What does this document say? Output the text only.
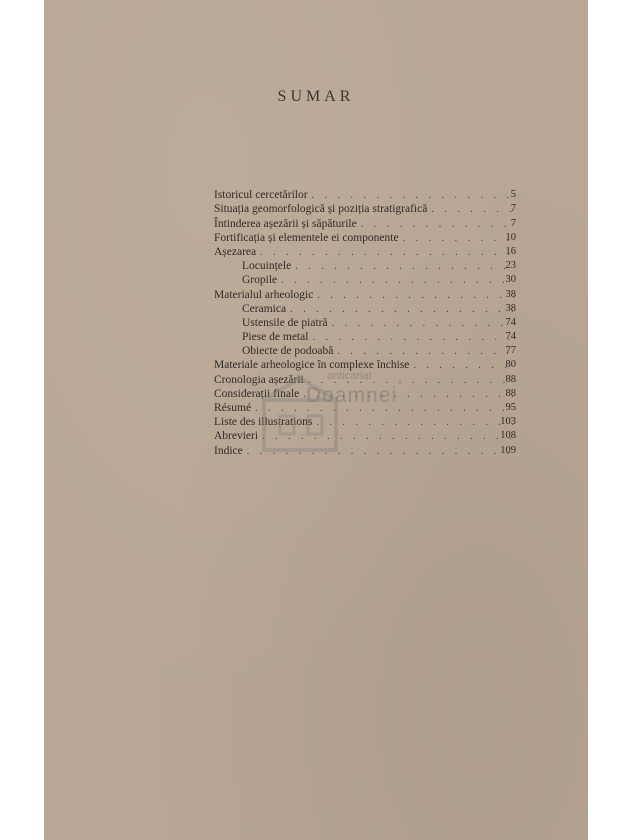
SUMAR
Istoricul cercetărilor . . .	5
Situația geomorfologică și poziția stratigrafică . . .	7
Întinderea așezării și săpăturile . . .	7
Fortificația și elementele ei componente . . .	10
Așezarea . . .	16
Locuințele . . .	23
Gropile . . .	30
Materialul arheologic . . .	38
Ceramica . . .	38
Ustensile de piatră . . .	74
Piese de metal . . .	74
Obiecte de podoabă . . .	77
Materiale arheologice în complexe închise . . .	80
Cronologia așezării . . .	88
Considerații finale . . .	88
Résumé . . .	95
Liste des illustrations . . .	103
Abrevieri . . .	108
Indice . . .	109
anticariat
Doamnei
